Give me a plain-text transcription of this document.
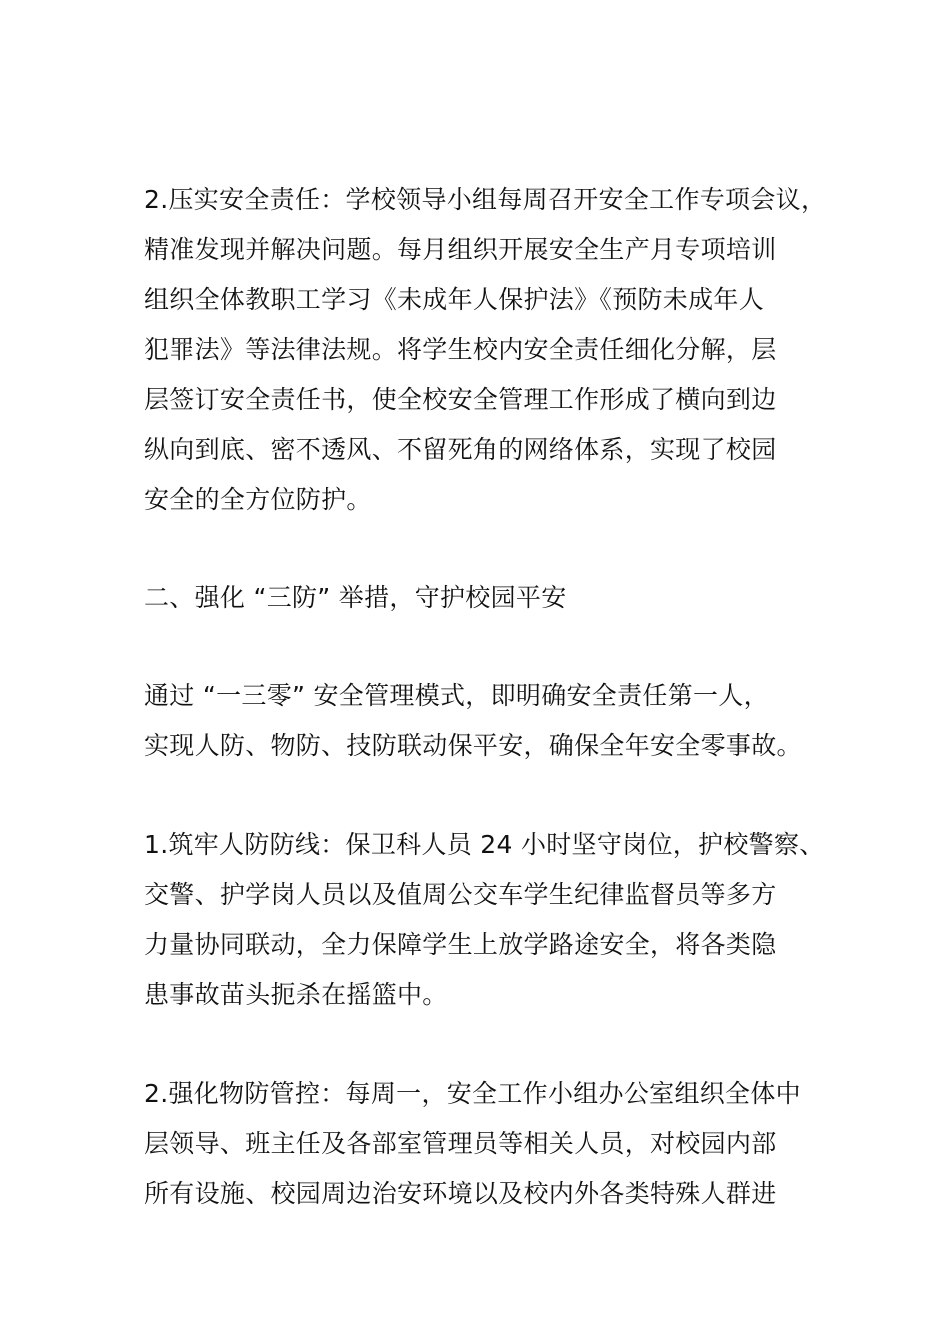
2.压实安全责任：学校领导小组每周召开安全工作专项会议，
精准发现并解决问题。每月组织开展安全生产月专项培训
组织全体教职工学习《未成年人保护法》《预防未成年人
犯罪法》等法律法规。将学生校内安全责任细化分解，层
层签订安全责任书，使全校安全管理工作形成了横向到边
纵向到底、密不透风、不留死角的网络体系，实现了校园
安全的全方位防护。
二、强化 “三防” 举措，守护校园平安
通过 “一三零” 安全管理模式，即明确安全责任第一人，
实现人防、物防、技防联动保平安，确保全年安全零事故。
1.筑牢人防防线：保卫科人员 24 小时坚守岗位，护校警察、
交警、护学岗人员以及值周公交车学生纪律监督员等多方
力量协同联动，全力保障学生上放学路途安全，将各类隐
患事故苗头扼杀在摇篮中。
2.强化物防管控：每周一，安全工作小组办公室组织全体中
层领导、班主任及各部室管理员等相关人员，对校园内部
所有设施、校园周边治安环境以及校内外各类特殊人群进
